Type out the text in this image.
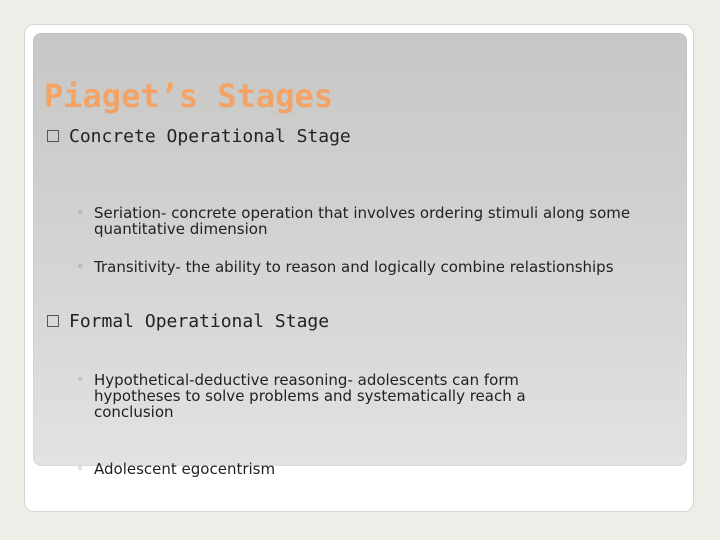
Piaget’s Stages
Concrete Operational Stage
◦ Seriation- concrete operation that involves ordering stimuli along some quantitative dimension
◦ Transitivity- the ability to reason and logically combine relastionships
Formal Operational Stage
◦ Hypothetical-deductive reasoning- adolescents can form hypotheses to solve problems and systematically reach a conclusion
◦ Adolescent egocentrism
